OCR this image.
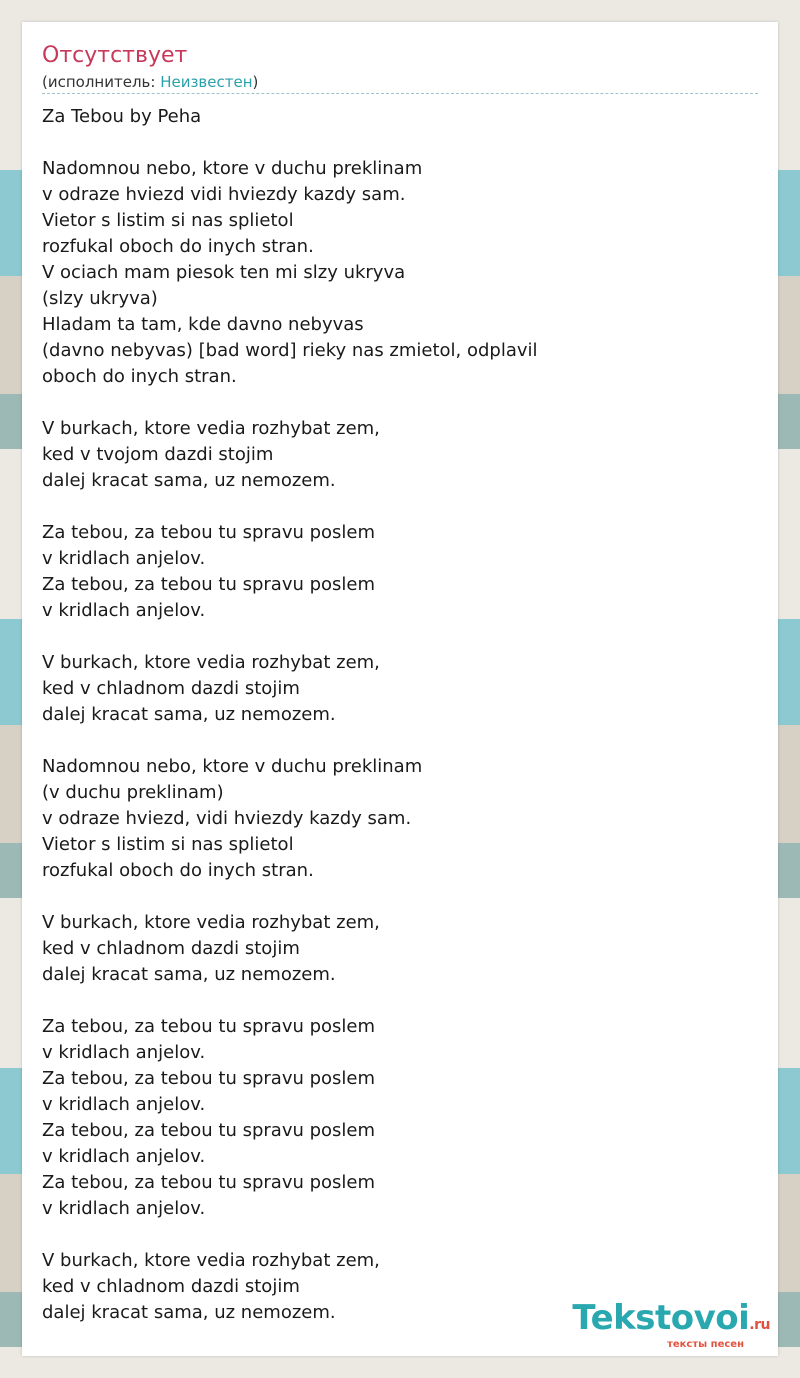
Отсутствует
(исполнитель: Неизвестен)
Za Tebou by Peha
Nadomnou nebo, ktore v duchu preklinam
v odraze hviezd vidi hviezdy kazdy sam.
Vietor s listim si nas splietol
rozfukal oboch do inych stran.
V ociach mam piesok ten mi slzy ukryva
(slzy ukryva)
Hladam ta tam, kde davno nebyvas
(davno nebyvas) [bad word] rieky nas zmietol, odplavil
oboch do inych stran.
V burkach, ktore vedia rozhybat zem,
ked v tvojom dazdi stojim
dalej kracat sama, uz nemozem.
Za tebou, za tebou tu spravu poslem
v kridlach anjelov.
Za tebou, za tebou tu spravu poslem
v kridlach anjelov.
V burkach, ktore vedia rozhybat zem,
ked v chladnom dazdi stojim
dalej kracat sama, uz nemozem.
Nadomnou nebo, ktore v duchu preklinam
(v duchu preklinam)
v odraze hviezd, vidi hviezdy kazdy sam.
Vietor s listim si nas splietol
rozfukal oboch do inych stran.
V burkach, ktore vedia rozhybat zem,
ked v chladnom dazdi stojim
dalej kracat sama, uz nemozem.
Za tebou, za tebou tu spravu poslem
v kridlach anjelov.
Za tebou, za tebou tu spravu poslem
v kridlach anjelov.
Za tebou, za tebou tu spravu poslem
v kridlach anjelov.
Za tebou, za tebou tu spravu poslem
v kridlach anjelov.
V burkach, ktore vedia rozhybat zem,
ked v chladnom dazdi stojim
dalej kracat sama, uz nemozem.	Tekstovoi.ru
тексты песен
